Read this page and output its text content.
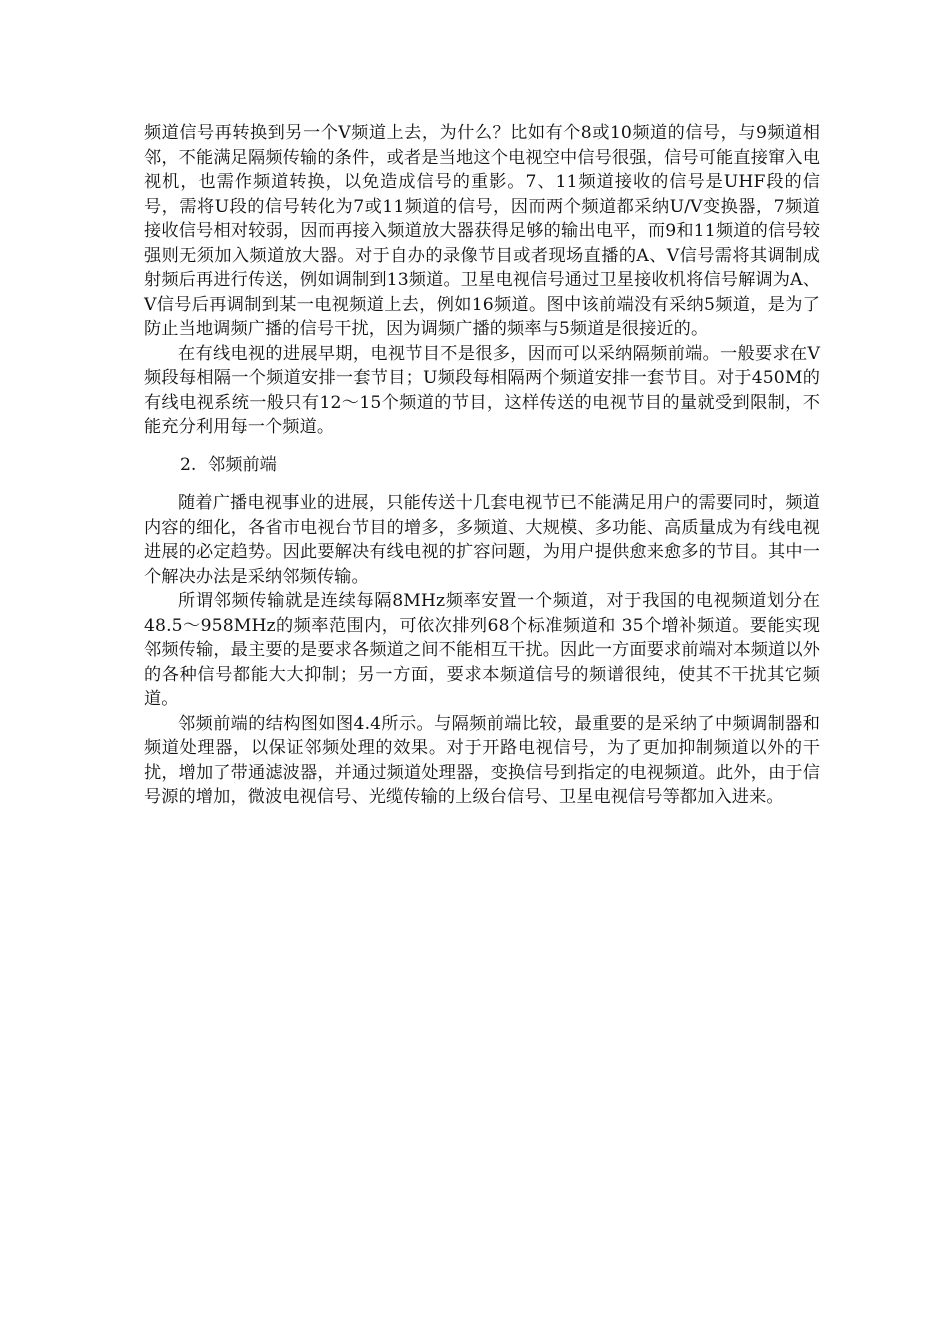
频道信号再转换到另一个V频道上去，为什么？比如有个8或10频道的信号，与9频道相邻，不能满足隔频传输的条件，或者是当地这个电视空中信号很强，信号可能直接窜入电视机，也需作频道转换，以免造成信号的重影。7、11频道接收的信号是UHF段的信号，需将U段的信号转化为7或11频道的信号，因而两个频道都采纳U/V变换器，7频道接收信号相对较弱，因而再接入频道放大器获得足够的输出电平，而9和11频道的信号较强则无须加入频道放大器。对于自办的录像节目或者现场直播的A、V信号需将其调制成射频后再进行传送，例如调制到13频道。卫星电视信号通过卫星接收机将信号解调为A、V信号后再调制到某一电视频道上去，例如16频道。图中该前端没有采纳5频道，是为了防止当地调频广播的信号干扰，因为调频广播的频率与5频道是很接近的。

在有线电视的进展早期，电视节目不是很多，因而可以采纳隔频前端。一般要求在V频段每相隔一个频道安排一套节目；U频段每相隔两个频道安排一套节目。对于450M的有线电视系统一般只有12～15个频道的节目，这样传送的电视节目的量就受到限制，不能充分利用每一个频道。

2. 邻频前端

随着广播电视事业的进展，只能传送十几套电视节已不能满足用户的需要同时，频道内容的细化，各省市电视台节目的增多，多频道、大规模、多功能、高质量成为有线电视进展的必定趋势。因此要解决有线电视的扩容问题，为用户提供愈来愈多的节目。其中一个解决办法是采纳邻频传输。

所谓邻频传输就是连续每隔8MHz频率安置一个频道，对于我国的电视频道划分在48.5～958MHz的频率范围内，可依次排列68个标准频道和 35个增补频道。要能实现邻频传输，最主要的是要求各频道之间不能相互干扰。因此一方面要求前端对本频道以外的各种信号都能大大抑制；另一方面，要求本频道信号的频谱很纯，使其不干扰其它频道。

邻频前端的结构图如图4.4所示。与隔频前端比较，最重要的是采纳了中频调制器和频道处理器，以保证邻频处理的效果。对于开路电视信号，为了更加抑制频道以外的干扰，增加了带通滤波器，并通过频道处理器，变换信号到指定的电视频道。此外，由于信号源的增加，微波电视信号、光缆传输的上级台信号、卫星电视信号等都加入进来。
